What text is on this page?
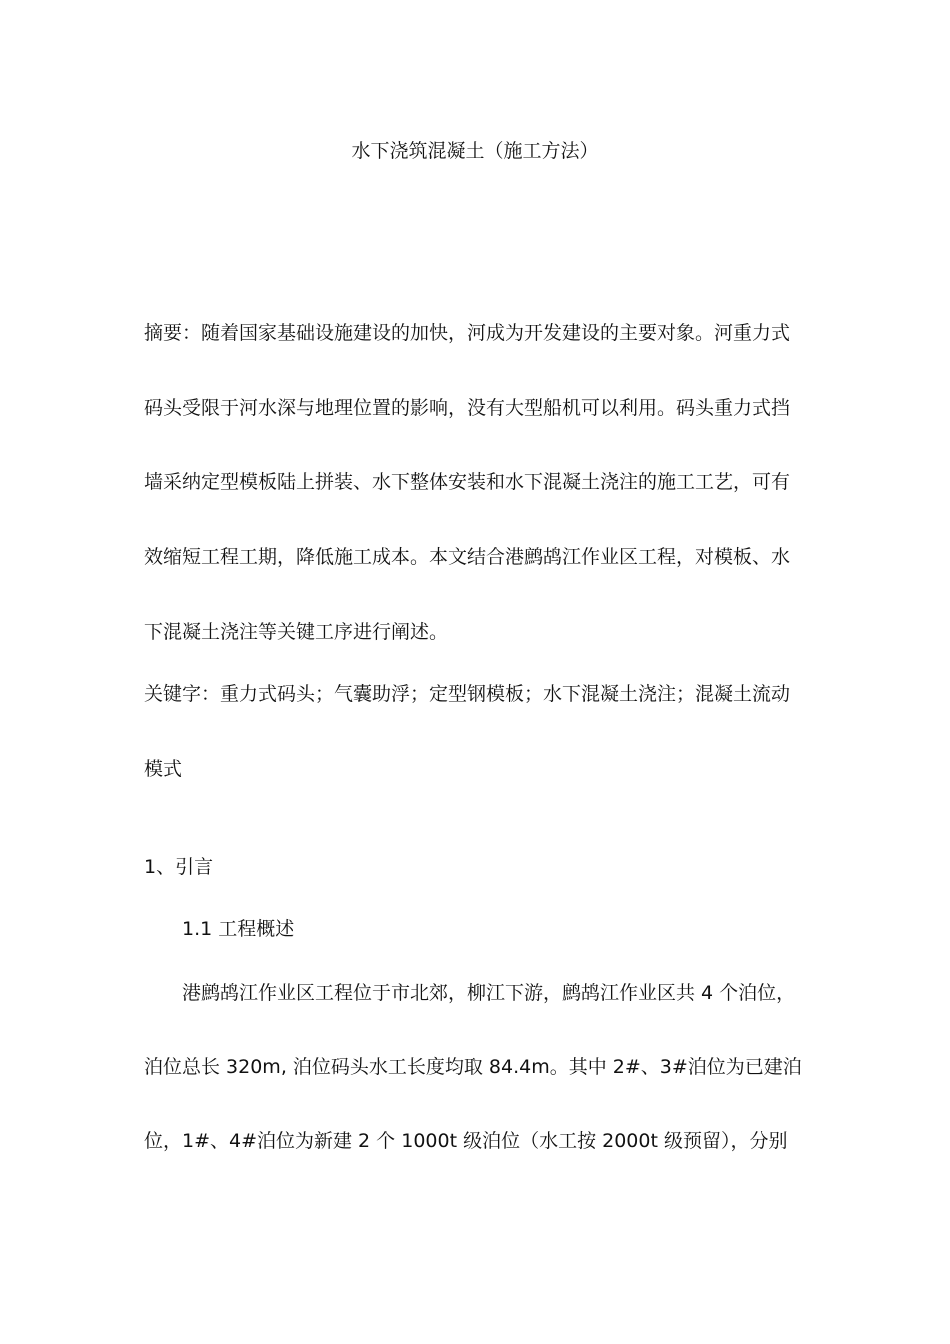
水下浇筑混凝土（施工方法）
摘要：随着国家基础设施建设的加快，河成为开发建设的主要对象。河重力式
码头受限于河水深与地理位置的影响，没有大型船机可以利用。码头重力式挡
墙采纳定型模板陆上拼装、水下整体安装和水下混凝土浇注的施工工艺，可有
效缩短工程工期，降低施工成本。本文结合港鹧鸪江作业区工程，对模板、水
下混凝土浇注等关键工序进行阐述。
关键字：重力式码头；气囊助浮；定型钢模板；水下混凝土浇注；混凝土流动
模式
1、引言
1.1 工程概述
港鹧鸪江作业区工程位于市北郊，柳江下游，鹧鸪江作业区共 4 个泊位，
泊位总长 320m, 泊位码头水工长度均取 84.4m。其中 2#、3#泊位为已建泊
位，1#、4#泊位为新建 2 个 1000t 级泊位（水工按 2000t 级预留），分别
